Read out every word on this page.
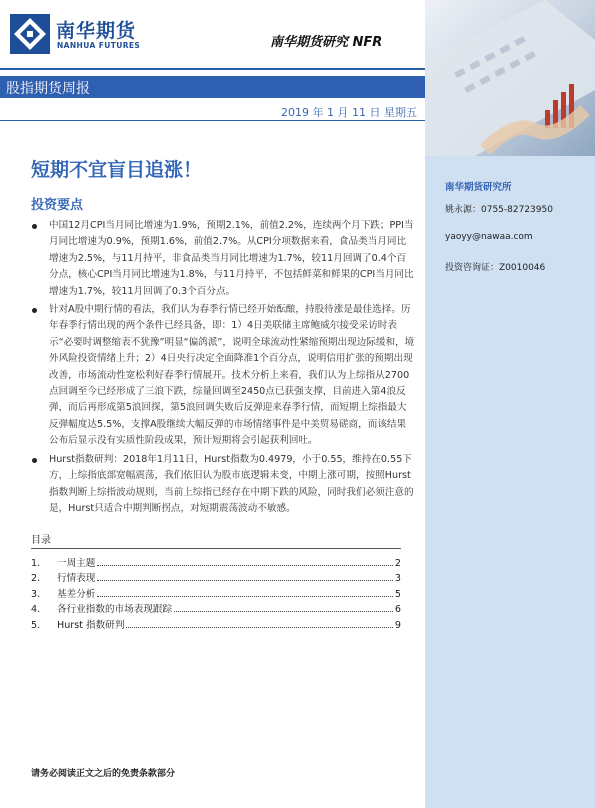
南华期货
NANHUA FUTURES	南华期货研究 NFR
股指期货周报
2019 年 1 月 11 日 星期五
短期不宜盲目追涨！
投资要点
中国12月CPI当月同比增速为1.9%，预期2.1%，前值2.2%，连续两个月下跌；PPI当月同比增速为0.9%，预期1.6%，前值2.7%。从CPI分项数据来看，食品类当月同比增速为2.5%，与11月持平，非食品类当月同比增速为1.7%，较11月回调了0.4个百分点，核心CPI当月同比增速为1.8%，与11月持平，不包括鲜菜和鲜果的CPI当月同比增速为1.7%，较11月回调了0.3个百分点。
针对A股中期行情的看法，我们认为春季行情已经开始酝酿，持股待涨是最佳选择。历年春季行情出现的两个条件已经具备，即：1）4日美联储主席鲍威尔接受采访时表示“必要时调整缩表不犹豫”明显“偏鸽派”，说明全球流动性紧缩预期出现边际缓和，境外风险投资情绪上升；2）4日央行决定全面降准1个百分点，说明信用扩张的预期出现改善，市场流动性宽松利好春季行情展开。技术分析上来看，我们认为上综指从2700点回调至今已经形成了三浪下跌，综量回调至2450点已获强支撑，目前进入第4浪反弹，而后再形成第5浪回探，第5浪回调失败后反弹迎来春季行情，而短期上综指最大反弹幅度达5.5%，支撑A股继续大幅反弹的市场情绪事件是中美贸易磋商，而该结果公布后显示没有实质性阶段成果，预计短期将会引起获利回吐。
Hurst指数研判：2018年1月11日，Hurst指数为0.4979，小于0.55，维持在0.55下方，上综指底部宽幅震荡，我们依旧认为股市底逻辑未变，中期上涨可期，按照Hurst指数判断上综指波动规则，当前上综指已经存在中期下跌的风险，同时我们必须注意的是，Hurst只适合中期判断拐点，对短期震荡波动不敏感。
目录
1.	一周主题	2
2.	行情表现	3
3.	基差分析	5
4.	各行业指数的市场表现跟踪	6
5.	Hurst 指数研判	9
请务必阅读正文之后的免责条款部分
南华期货研究所
姚永源：0755-82723950
yaoyy@nawaa.com
投资咨询证：Z0010046
